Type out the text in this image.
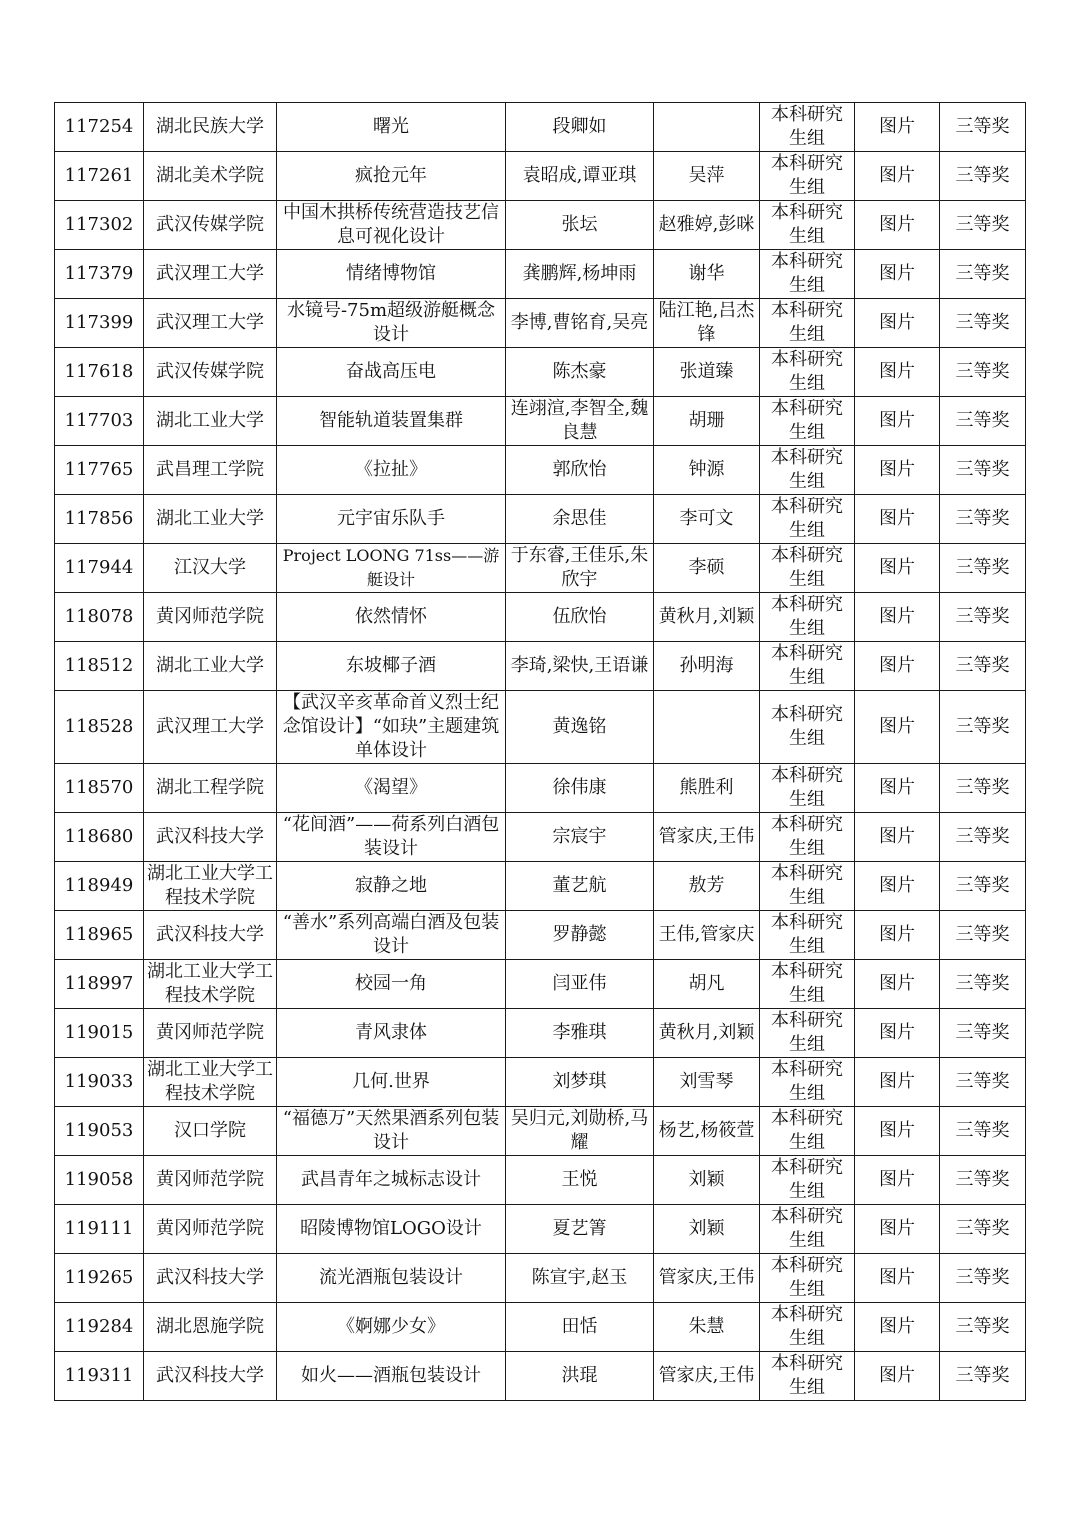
117254	湖北民族大学	曙光	段卿如		本科研究生组	图片	三等奖
117261	湖北美术学院	疯抢元年	袁昭成,谭亚琪	吴萍	本科研究生组	图片	三等奖
117302	武汉传媒学院	中国木拱桥传统营造技艺信息可视化设计	张坛	赵雅婷,彭咪	本科研究生组	图片	三等奖
117379	武汉理工大学	情绪博物馆	龚鹏辉,杨坤雨	谢华	本科研究生组	图片	三等奖
117399	武汉理工大学	水镜号-75m超级游艇概念设计	李博,曹铭育,吴亮	陆江艳,吕杰锋	本科研究生组	图片	三等奖
117618	武汉传媒学院	奋战高压电	陈杰豪	张道臻	本科研究生组	图片	三等奖
117703	湖北工业大学	智能轨道装置集群	连翊渲,李智全,魏良慧	胡珊	本科研究生组	图片	三等奖
117765	武昌理工学院	《拉扯》	郭欣怡	钟源	本科研究生组	图片	三等奖
117856	湖北工业大学	元宇宙乐队手	余思佳	李可文	本科研究生组	图片	三等奖
117944	江汉大学	Project LOONG 71ss——游艇设计	于东睿,王佳乐,朱欣宇	李硕	本科研究生组	图片	三等奖
118078	黄冈师范学院	依然情怀	伍欣怡	黄秋月,刘颖	本科研究生组	图片	三等奖
118512	湖北工业大学	东坡椰子酒	李琦,梁快,王语谦	孙明海	本科研究生组	图片	三等奖
118528	武汉理工大学	【武汉辛亥革命首义烈士纪念馆设计】“如玦”主题建筑单体设计	黄逸铭		本科研究生组	图片	三等奖
118570	湖北工程学院	《渴望》	徐伟康	熊胜利	本科研究生组	图片	三等奖
118680	武汉科技大学	“花间酒”——荷系列白酒包装设计	宗宸宇	管家庆,王伟	本科研究生组	图片	三等奖
118949	湖北工业大学工程技术学院	寂静之地	董艺航	敖芳	本科研究生组	图片	三等奖
118965	武汉科技大学	“善水”系列高端白酒及包装设计	罗静懿	王伟,管家庆	本科研究生组	图片	三等奖
118997	湖北工业大学工程技术学院	校园一角	闫亚伟	胡凡	本科研究生组	图片	三等奖
119015	黄冈师范学院	青风隶体	李雅琪	黄秋月,刘颖	本科研究生组	图片	三等奖
119033	湖北工业大学工程技术学院	几何.世界	刘梦琪	刘雪琴	本科研究生组	图片	三等奖
119053	汉口学院	“福德万”天然果酒系列包装设计	吴归元,刘勋桥,马耀	杨艺,杨筱萱	本科研究生组	图片	三等奖
119058	黄冈师范学院	武昌青年之城标志设计	王悦	刘颖	本科研究生组	图片	三等奖
119111	黄冈师范学院	昭陵博物馆LOGO设计	夏艺箐	刘颖	本科研究生组	图片	三等奖
119265	武汉科技大学	流光酒瓶包装设计	陈宣宇,赵玉	管家庆,王伟	本科研究生组	图片	三等奖
119284	湖北恩施学院	《婀娜少女》	田恬	朱慧	本科研究生组	图片	三等奖
119311	武汉科技大学	如火——酒瓶包装设计	洪琨	管家庆,王伟	本科研究生组	图片	三等奖
